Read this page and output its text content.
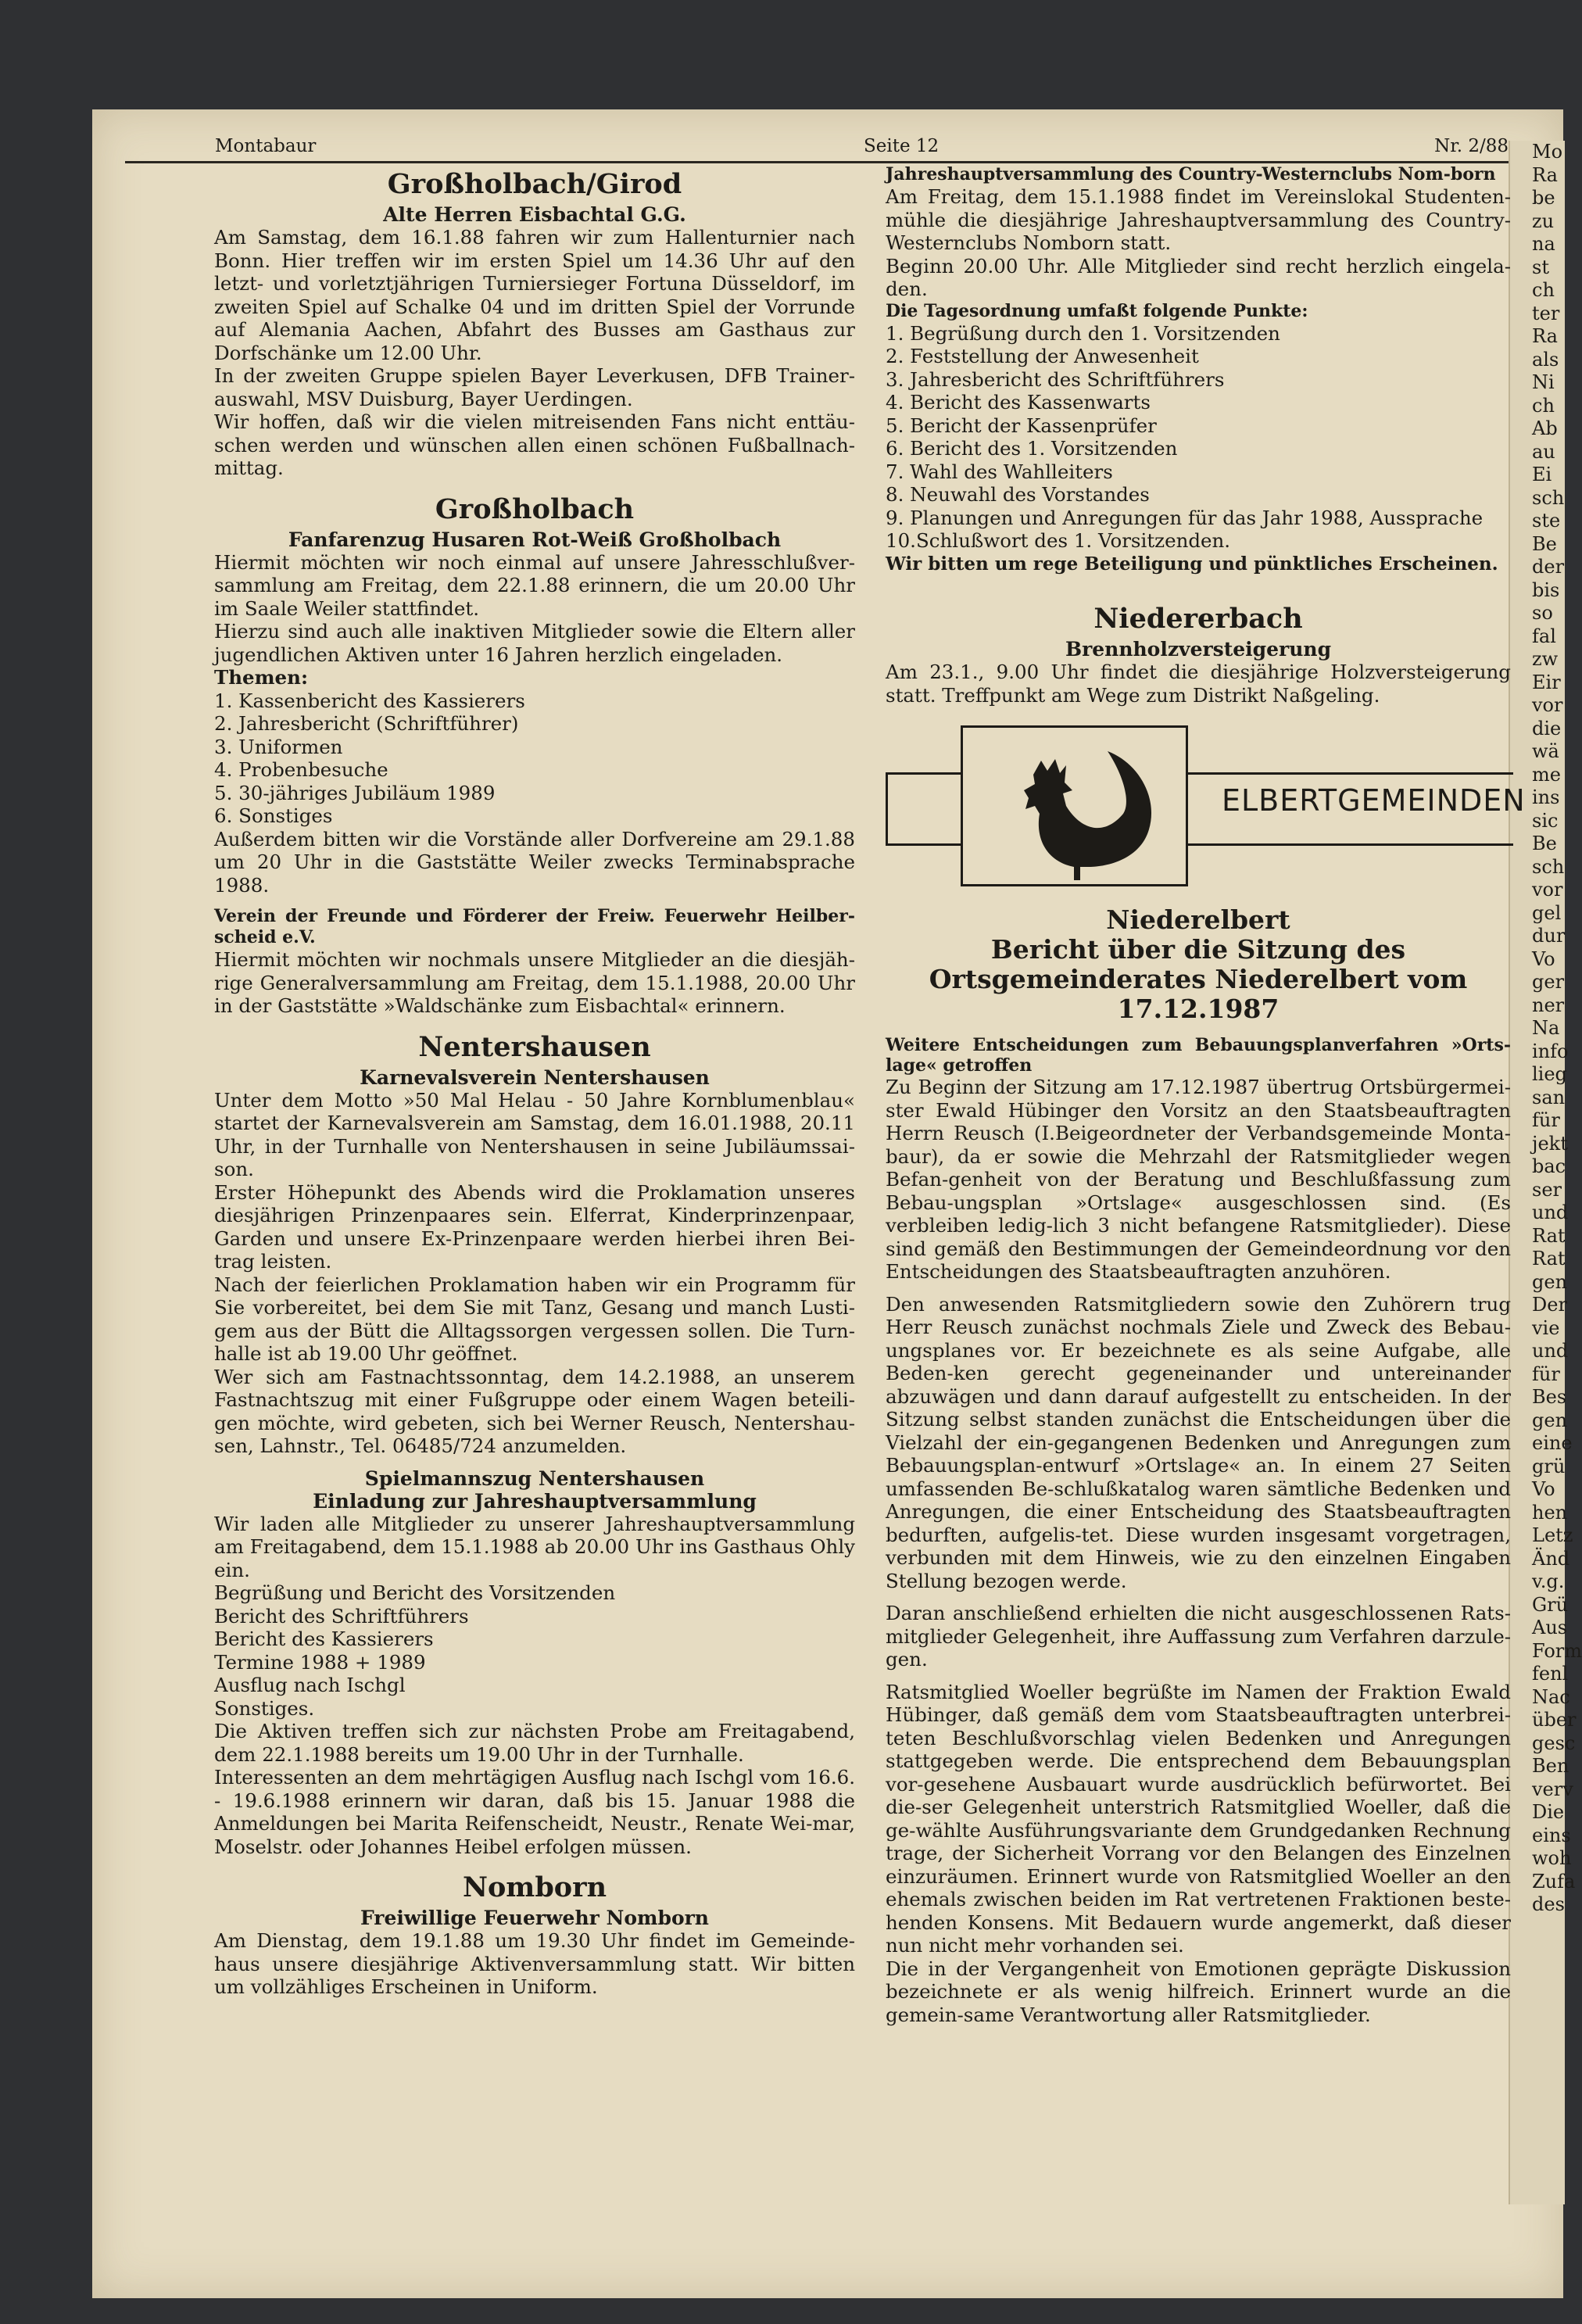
Montabaur	Seite 12	Nr. 2/88
Großholbach/Girod
Alte Herren Eisbachtal G.G.

Am Samstag, dem 16.1.88 fahren wir zum Hallenturnier nach Bonn. Hier treffen wir im ersten Spiel um 14.36 Uhr auf den letzt- und vorletztjährigen Turniersieger Fortuna Düsseldorf, im zweiten Spiel auf Schalke 04 und im dritten Spiel der Vorrunde auf Alemania Aachen, Abfahrt des Busses am Gasthaus zur Dorfschänke um 12.00 Uhr.

In der zweiten Gruppe spielen Bayer Leverkusen, DFB Trainer-auswahl, MSV Duisburg, Bayer Uerdingen.

Wir hoffen, daß wir die vielen mitreisenden Fans nicht enttäu-schen werden und wünschen allen einen schönen Fußballnach-mittag.

Großholbach
Fanfarenzug Husaren Rot-Weiß Großholbach

Hiermit möchten wir noch einmal auf unsere Jahresschlußver-sammlung am Freitag, dem 22.1.88 erinnern, die um 20.00 Uhr im Saale Weiler stattfindet.

Hierzu sind auch alle inaktiven Mitglieder sowie die Eltern aller jugendlichen Aktiven unter 16 Jahren herzlich eingeladen.

Themen:

1. Kassenbericht des Kassierers
2. Jahresbericht (Schriftführer)
3. Uniformen
4. Probenbesuche
5. 30-jähriges Jubiläum 1989
6. Sonstiges

Außerdem bitten wir die Vorstände aller Dorfvereine am 29.1.88 um 20 Uhr in die Gaststätte Weiler zwecks Terminabsprache 1988.

Verein der Freunde und Förderer der Freiw. Feuerwehr Heilber-scheid e.V.

Hiermit möchten wir nochmals unsere Mitglieder an die diesjäh-rige Generalversammlung am Freitag, dem 15.1.1988, 20.00 Uhr in der Gaststätte »Waldschänke zum Eisbachtal« erinnern.

Nentershausen
Karnevalsverein Nentershausen

Unter dem Motto »50 Mal Helau - 50 Jahre Kornblumenblau« startet der Karnevalsverein am Samstag, dem 16.01.1988, 20.11 Uhr, in der Turnhalle von Nentershausen in seine Jubiläumssai-son.

Erster Höhepunkt des Abends wird die Proklamation unseres diesjährigen Prinzenpaares sein. Elferrat, Kinderprinzenpaar, Garden und unsere Ex-Prinzenpaare werden hierbei ihren Bei-trag leisten.

Nach der feierlichen Proklamation haben wir ein Programm für Sie vorbereitet, bei dem Sie mit Tanz, Gesang und manch Lusti-gem aus der Bütt die Alltagssorgen vergessen sollen. Die Turn-halle ist ab 19.00 Uhr geöffnet.

Wer sich am Fastnachtssonntag, dem 14.2.1988, an unserem Fastnachtszug mit einer Fußgruppe oder einem Wagen beteili-gen möchte, wird gebeten, sich bei Werner Reusch, Nentershau-sen, Lahnstr., Tel. 06485/724 anzumelden.

Spielmannszug Nentershausen
Einladung zur Jahreshauptversammlung

Wir laden alle Mitglieder zu unserer Jahreshauptversammlung am Freitagabend, dem 15.1.1988 ab 20.00 Uhr ins Gasthaus Ohly ein.

Begrüßung und Bericht des Vorsitzenden
Bericht des Schriftführers
Bericht des Kassierers
Termine 1988 + 1989
Ausflug nach Ischgl
Sonstiges.

Die Aktiven treffen sich zur nächsten Probe am Freitagabend, dem 22.1.1988 bereits um 19.00 Uhr in der Turnhalle.

Interessenten an dem mehrtägigen Ausflug nach Ischgl vom 16.6. - 19.6.1988 erinnern wir daran, daß bis 15. Januar 1988 die Anmeldungen bei Marita Reifenscheidt, Neustr., Renate Wei-mar, Moselstr. oder Johannes Heibel erfolgen müssen.

Nomborn
Freiwillige Feuerwehr Nomborn

Am Dienstag, dem 19.1.88 um 19.30 Uhr findet im Gemeinde-haus unsere diesjährige Aktivenversammlung statt. Wir bitten um vollzähliges Erscheinen in Uniform.

Jahreshauptversammlung des Country-Westernclubs Nom-born

Am Freitag, dem 15.1.1988 findet im Vereinslokal Studenten-mühle die diesjährige Jahreshauptversammlung des Country-Westernclubs Nomborn statt.

Beginn 20.00 Uhr. Alle Mitglieder sind recht herzlich eingela-den.

Die Tagesordnung umfaßt folgende Punkte:

1. Begrüßung durch den 1. Vorsitzenden
2. Feststellung der Anwesenheit
3. Jahresbericht des Schriftführers
4. Bericht des Kassenwarts
5. Bericht der Kassenprüfer
6. Bericht des 1. Vorsitzenden
7. Wahl des Wahlleiters
8. Neuwahl des Vorstandes
9. Planungen und Anregungen für das Jahr 1988, Aussprache
10.Schlußwort des 1. Vorsitzenden.

Wir bitten um rege Beteiligung und pünktliches Erscheinen.

Niedererbach
Brennholzversteigerung

Am 23.1., 9.00 Uhr findet die diesjährige Holzversteigerung statt. Treffpunkt am Wege zum Distrikt Naßgeling.

ELBERTGEMEINDEN
Niederelbert
Bericht über die Sitzung des
Ortsgemeinderates Niederelbert vom
17.12.1987

Weitere Entscheidungen zum Bebauungsplanverfahren »Orts-lage« getroffen

Zu Beginn der Sitzung am 17.12.1987 übertrug Ortsbürgermei-ster Ewald Hübinger den Vorsitz an den Staatsbeauftragten Herrn Reusch (I.Beigeordneter der Verbandsgemeinde Monta-baur), da er sowie die Mehrzahl der Ratsmitglieder wegen Befan-genheit von der Beratung und Beschlußfassung zum Bebau-ungsplan »Ortslage« ausgeschlossen sind. (Es verbleiben ledig-lich 3 nicht befangene Ratsmitglieder). Diese sind gemäß den Bestimmungen der Gemeindeordnung vor den Entscheidungen des Staatsbeauftragten anzuhören.

Den anwesenden Ratsmitgliedern sowie den Zuhörern trug Herr Reusch zunächst nochmals Ziele und Zweck des Bebau-ungsplanes vor. Er bezeichnete es als seine Aufgabe, alle Beden-ken gerecht gegeneinander und untereinander abzuwägen und dann darauf aufgestellt zu entscheiden. In der Sitzung selbst standen zunächst die Entscheidungen über die Vielzahl der ein-gegangenen Bedenken und Anregungen zum Bebauungsplan-entwurf »Ortslage« an. In einem 27 Seiten umfassenden Be-schlußkatalog waren sämtliche Bedenken und Anregungen, die einer Entscheidung des Staatsbeauftragten bedurften, aufgelis-tet. Diese wurden insgesamt vorgetragen, verbunden mit dem Hinweis, wie zu den einzelnen Eingaben Stellung bezogen werde.

Daran anschließend erhielten die nicht ausgeschlossenen Rats-mitglieder Gelegenheit, ihre Auffassung zum Verfahren darzule-gen.

Ratsmitglied Woeller begrüßte im Namen der Fraktion Ewald Hübinger, daß gemäß dem vom Staatsbeauftragten unterbrei-teten Beschlußvorschlag vielen Bedenken und Anregungen stattgegeben werde. Die entsprechend dem Bebauungsplan vor-gesehene Ausbauart wurde ausdrücklich befürwortet. Bei die-ser Gelegenheit unterstrich Ratsmitglied Woeller, daß die ge-wählte Ausführungsvariante dem Grundgedanken Rechnung trage, der Sicherheit Vorrang vor den Belangen des Einzelnen einzuräumen. Erinnert wurde von Ratsmitglied Woeller an den ehemals zwischen beiden im Rat vertretenen Fraktionen beste-henden Konsens. Mit Bedauern wurde angemerkt, daß dieser nun nicht mehr vorhanden sei.

Die in der Vergangenheit von Emotionen geprägte Diskussion bezeichnete er als wenig hilfreich. Erinnert wurde an die gemein-same Verantwortung aller Ratsmitglieder.

Mo
Ra
be
zu
na
st
ch
ter
Ra
als
Ni
ch
Ab
au
Ei
sch
ste
Be
der
bis
so
fal
zw
Eir
vor
die
wä
me
ins
sic
Be
sch
vor
gel
dur
Vo
ger
ner
Na
info
lieg
san
für
jekt
bac
ser
und
Rat
Rat
gen
Der
vie
und
für
Bes
gen
eine
grü
Vo
hen
Letz
Änd
v.g.
Grü
Aus
Form
fenl
Nac
über
gesc
Ben
verv
Die
eins
woh
Zufa
des
